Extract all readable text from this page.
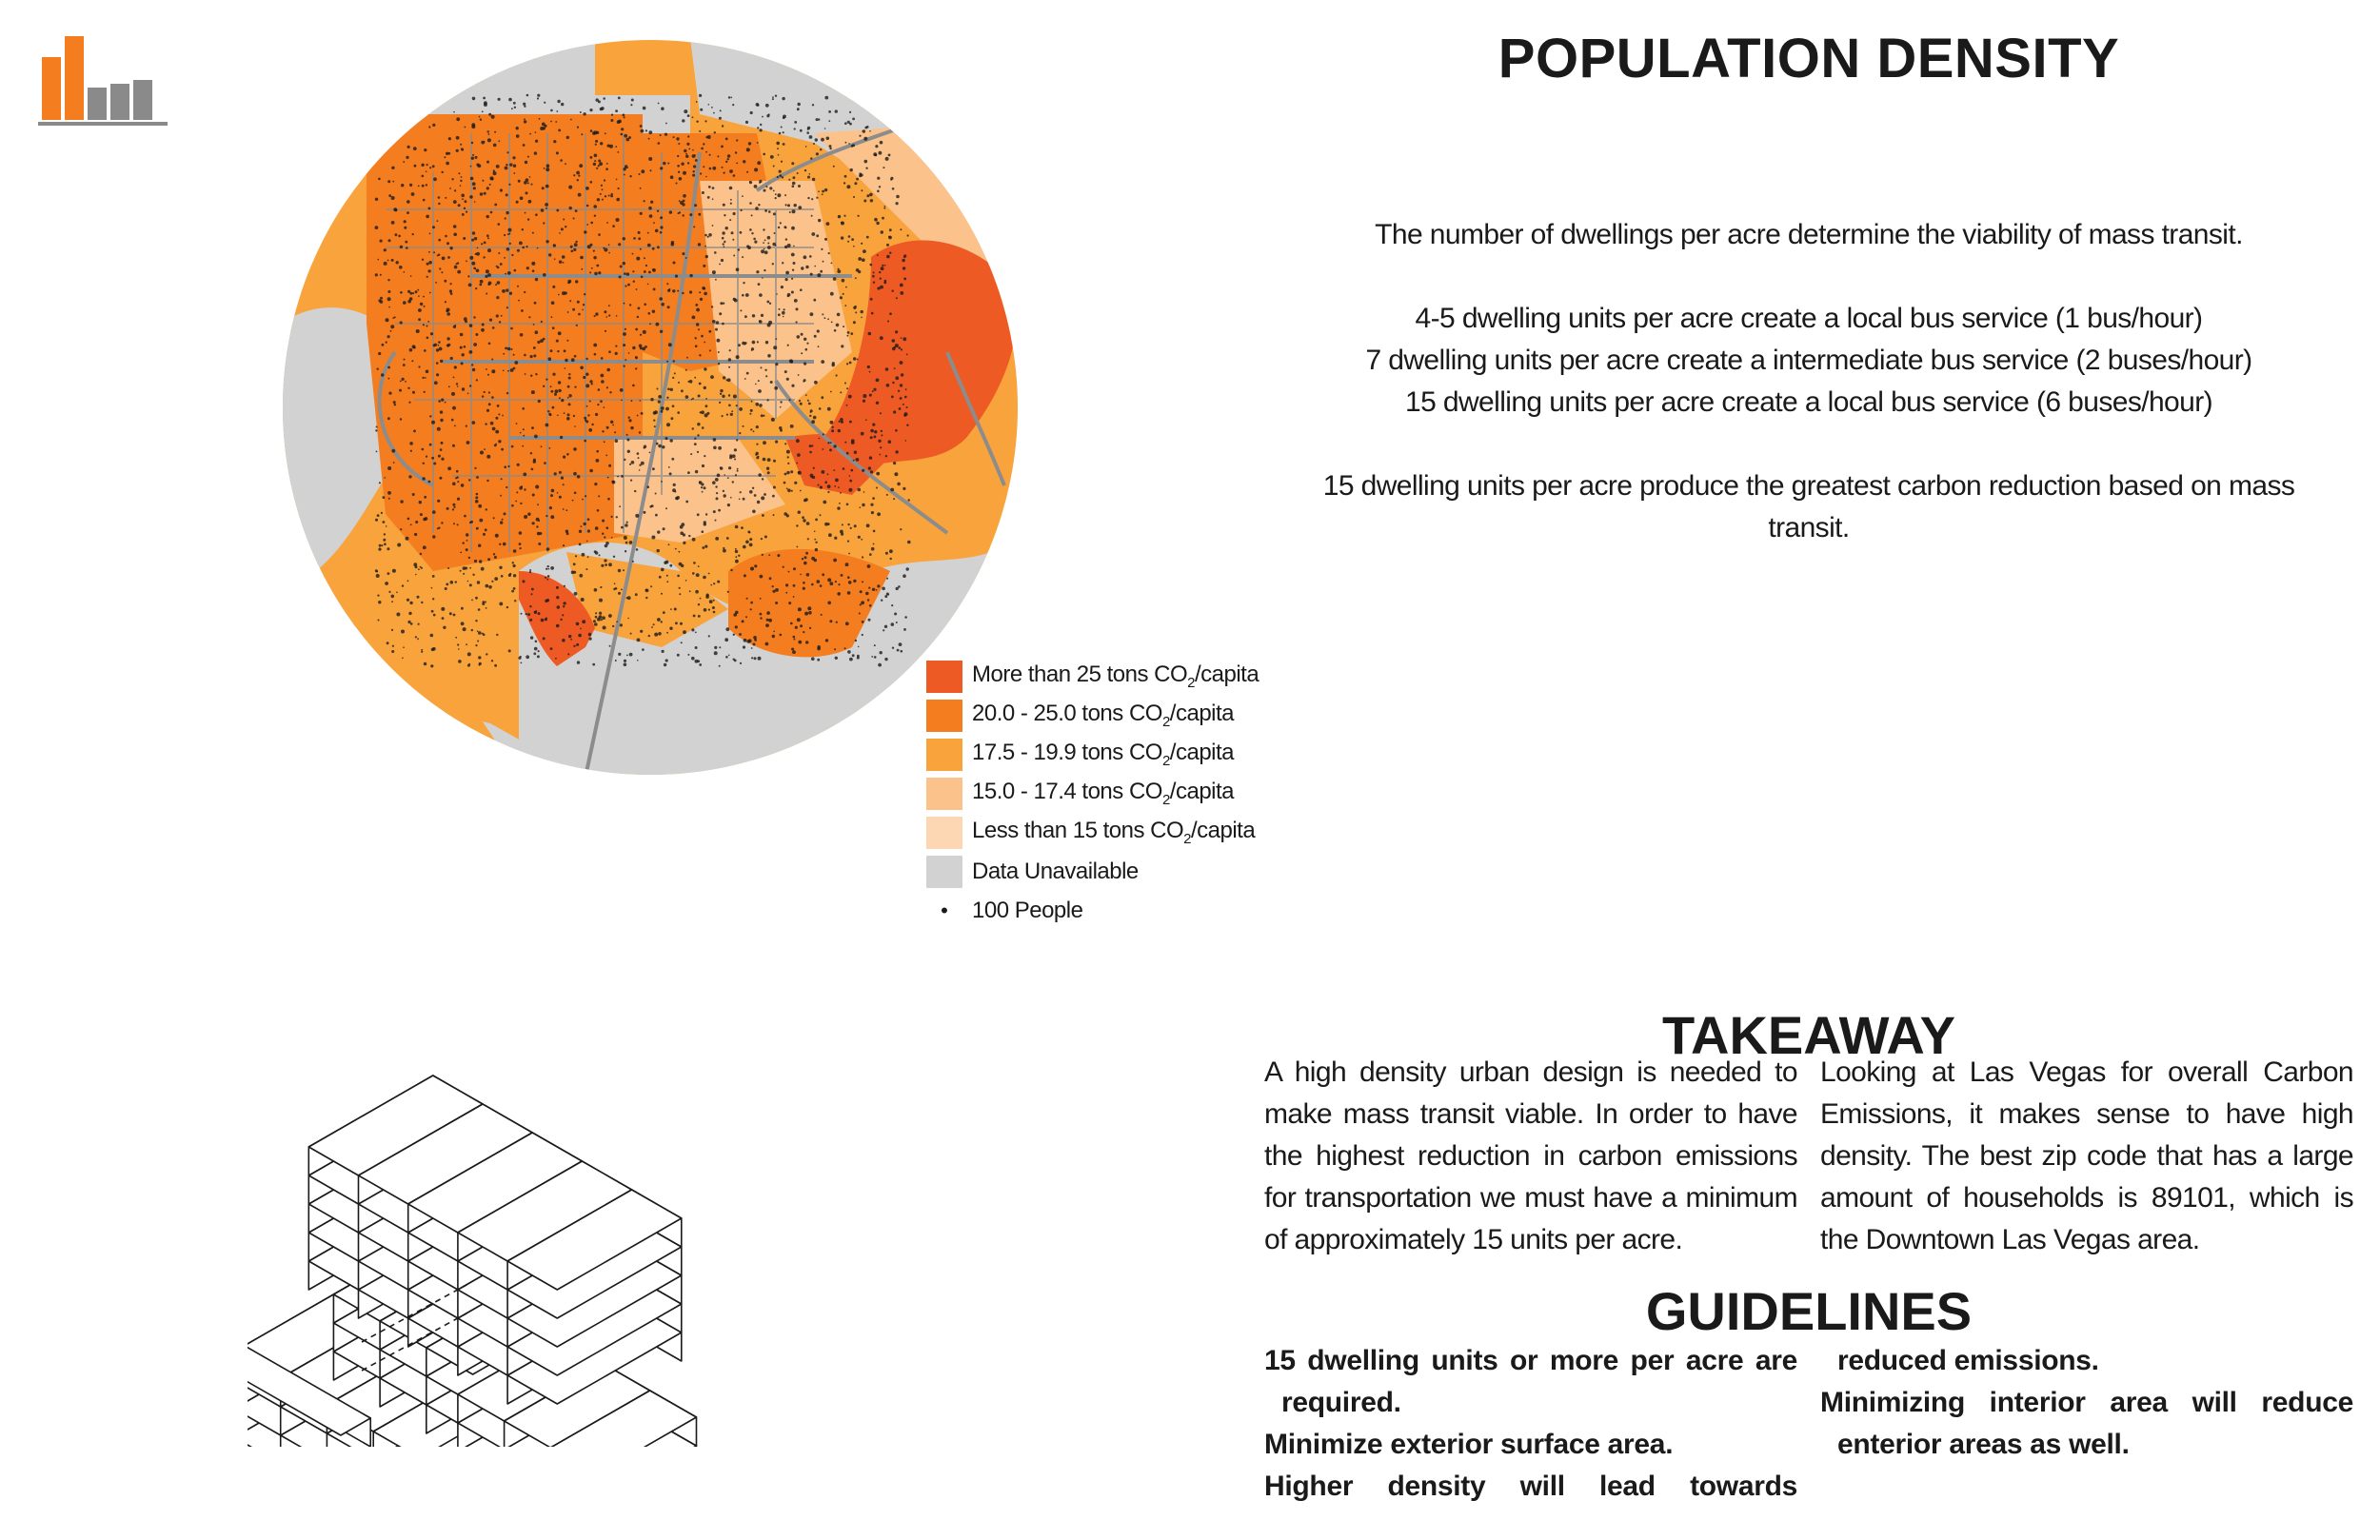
More than 25 tons $CO_2$/capita
20.0 - 25.0 tons $CO_2$/capita
17.5 - 19.9 tons $CO_2$/capita
15.0 - 17.4 tons $CO_2$/capita
Less than 15 tons $CO_2$/capita
Data Unavailable
•	100 People
POPULATION DENSITY

The number of dwellings per acre determine the viability of mass transit.

4-5 dwelling units per acre create a local bus service (1 bus/hour)

7 dwelling units per acre create a intermediate bus service (2 buses/hour)

15 dwelling units per acre create a local bus service (6 buses/hour)

15 dwelling units per acre produce the greatest carbon reduction based on mass transit.

TAKEAWAY

A high density urban design is needed to make mass transit viable. In order to have the highest reduction in carbon emissions for transportation we must have a minimum of approximately 15 units per acre.

Looking at Las Vegas for overall Carbon Emissions, it makes sense to have high density. The best zip code that has a large amount of households is 89101, which is the Downtown Las Vegas area.

GUIDELINES
15 dwelling units or more per acre are required.
Minimize exterior surface area.
Higher density will lead towards
reduced emissions.
Minimizing interior area will reduce enterior areas as well.
